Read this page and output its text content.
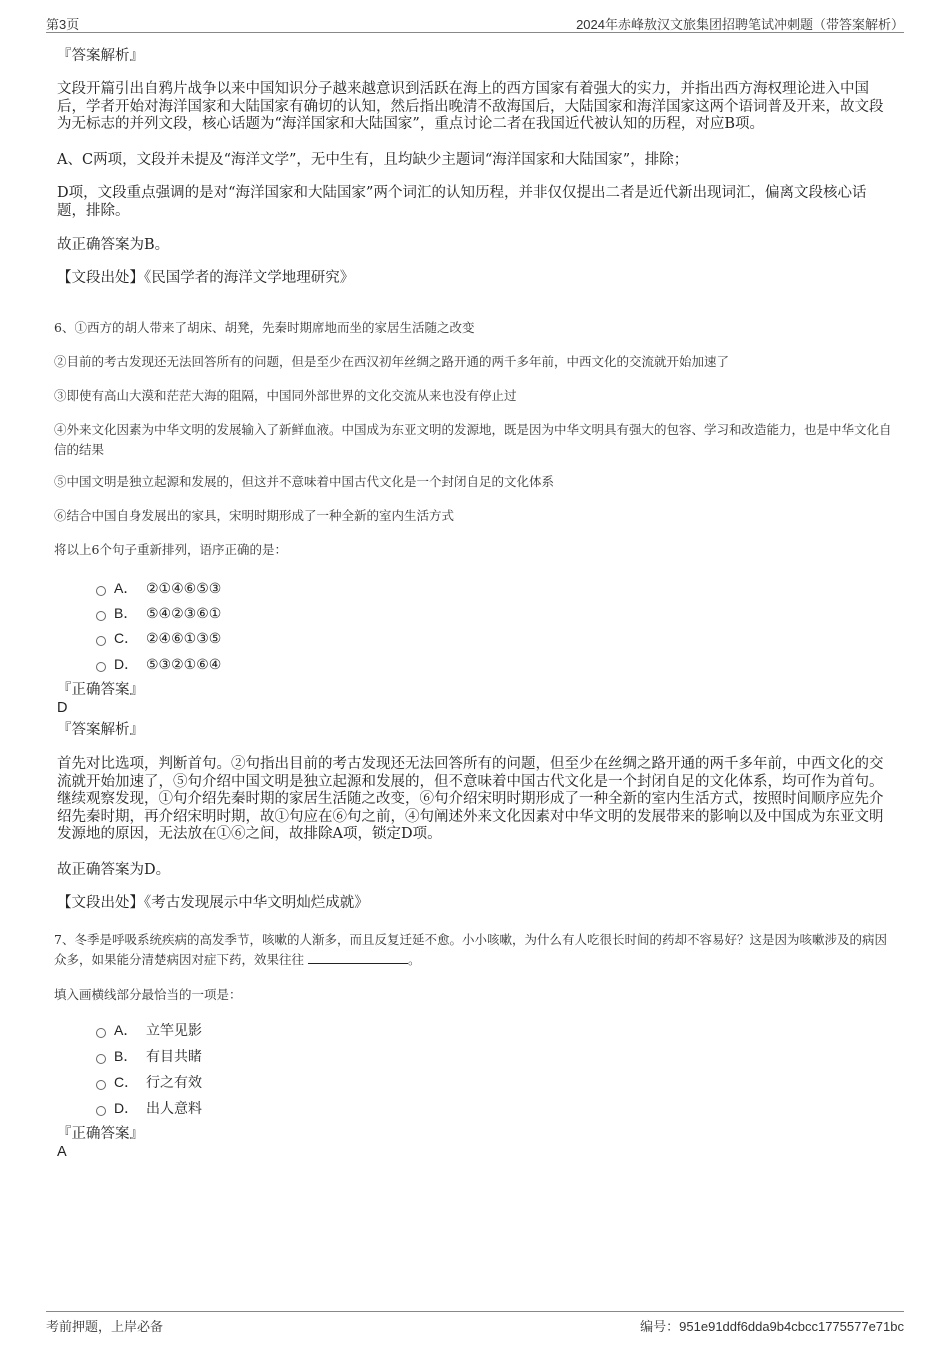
第3页	2024年赤峰敖汉文旅集团招聘笔试冲刺题（带答案解析）
『答案解析』
文段开篇引出自鸦片战争以来中国知识分子越来越意识到活跃在海上的西方国家有着强大的实力，并指出西方海权理论进入中国后，学者开始对海洋国家和大陆国家有确切的认知，然后指出晚清不敌海国后，大陆国家和海洋国家这两个语词普及开来，故文段为无标志的并列文段，核心话题为“海洋国家和大陆国家”，重点讨论二者在我国近代被认知的历程，对应B项。
A、C两项，文段并未提及“海洋文学”，无中生有，且均缺少主题词“海洋国家和大陆国家”，排除；
D项，文段重点强调的是对“海洋国家和大陆国家”两个词汇的认知历程，并非仅仅提出二者是近代新出现词汇，偏离文段核心话题，排除。
故正确答案为B。
【文段出处】《民国学者的海洋文学地理研究》
6、①西方的胡人带来了胡床、胡凳，先秦时期席地而坐的家居生活随之改变
②目前的考古发现还无法回答所有的问题，但是至少在西汉初年丝绸之路开通的两千多年前，中西文化的交流就开始加速了
③即使有高山大漠和茫茫大海的阻隔，中国同外部世界的文化交流从来也没有停止过
④外来文化因素为中华文明的发展输入了新鲜血液。中国成为东亚文明的发源地，既是因为中华文明具有强大的包容、学习和改造能力，也是中华文化自信的结果
⑤中国文明是独立起源和发展的，但这并不意味着中国古代文化是一个封闭自足的文化体系
⑥结合中国自身发展出的家具，宋明时期形成了一种全新的室内生活方式
将以上6个句子重新排列，语序正确的是：
A． ②①④⑥⑤③
B． ⑤④②③⑥①
C． ②④⑥①③⑤
D． ⑤③②①⑥④
『正确答案』
D
『答案解析』
首先对比选项，判断首句。②句指出目前的考古发现还无法回答所有的问题，但至少在丝绸之路开通的两千多年前，中西文化的交流就开始加速了，⑤句介绍中国文明是独立起源和发展的，但不意味着中国古代文化是一个封闭自足的文化体系，均可作为首句。继续观察发现，①句介绍先秦时期的家居生活随之改变，⑥句介绍宋明时期形成了一种全新的室内生活方式，按照时间顺序应先介绍先秦时期，再介绍宋明时期，故①句应在⑥句之前，④句阐述外来文化因素对中华文明的发展带来的影响以及中国成为东亚文明发源地的原因，无法放在①⑥之间，故排除A项，锁定D项。
故正确答案为D。
【文段出处】《考古发现展示中华文明灿烂成就》
7、冬季是呼吸系统疾病的高发季节，咳嗽的人渐多，而且反复迁延不愈。小小咳嗽，为什么有人吃很长时间的药却不容易好？这是因为咳嗽涉及的病因众多，如果能分清楚病因对症下药，效果往往	。
填入画横线部分最恰当的一项是：
A． 立竿见影
B． 有目共睹
C． 行之有效
D． 出人意料
『正确答案』
A
考前押题，上岸必备	编号：951e91ddf6dda9b4cbcc1775577e71bc
